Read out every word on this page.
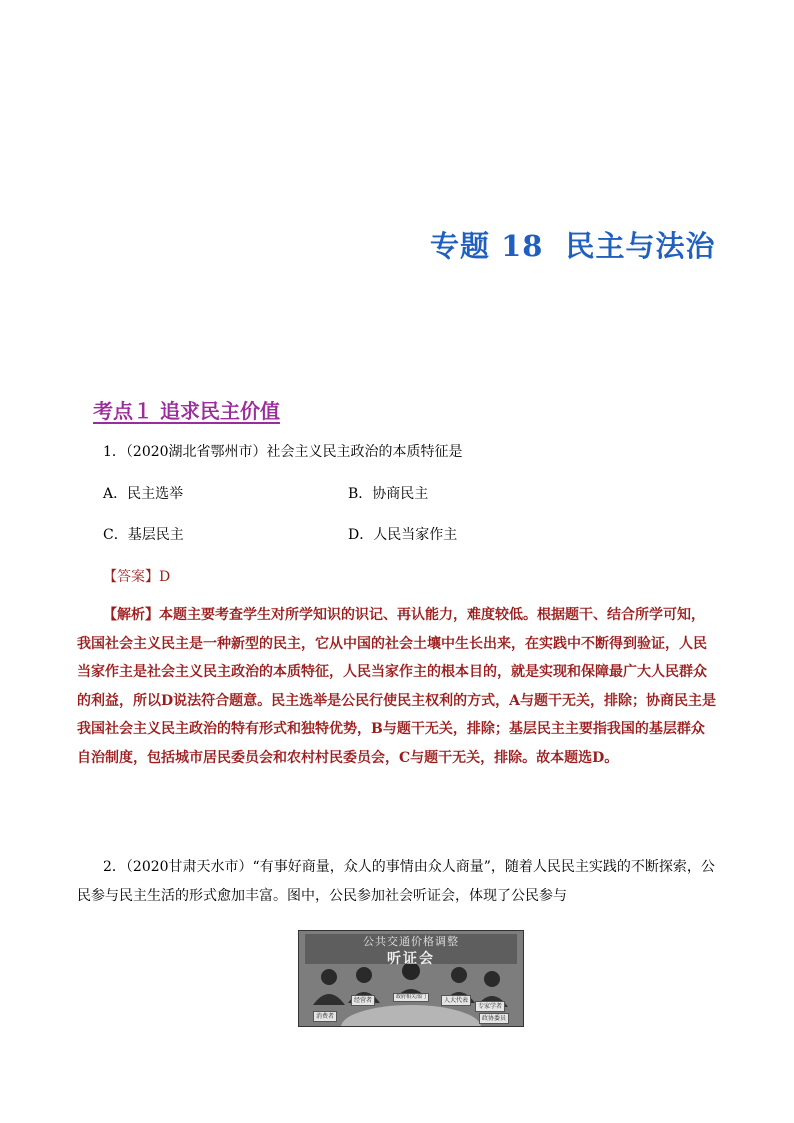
专题 18 民主与法治
考点１ 追求民主价值
1．（2020湖北省鄂州市）社会主义民主政治的本质特征是
A．民主选举	B．协商民主
C．基层民主	D．人民当家作主
【答案】D

【解析】本题主要考查学生对所学知识的识记、再认能力，难度较低。根据题干、结合所学可知，我国社会主义民主是一种新型的民主，它从中国的社会土壤中生长出来，在实践中不断得到验证，人民当家作主是社会主义民主政治的本质特征，人民当家作主的根本目的，就是实现和保障最广大人民群众的利益，所以D说法符合题意。民主选举是公民行使民主权利的方式，A与题干无关，排除；协商民主是我国社会主义民主政治的特有形式和独特优势，B与题干无关，排除；基层民主主要指我国的基层群众自治制度，包括城市居民委员会和农村村民委员会，C与题干无关，排除。故本题选D。

2．（2020甘肃天水市）“有事好商量，众人的事情由众人商量”，随着人民民主实践的不断探索，公民参与民主生活的形式愈加丰富。图中，公民参加社会听证会，体现了公民参与

公共交通价格调整
听证会
消费者
经营者	政府相关部门	人大代表
专家学者
政协委员
